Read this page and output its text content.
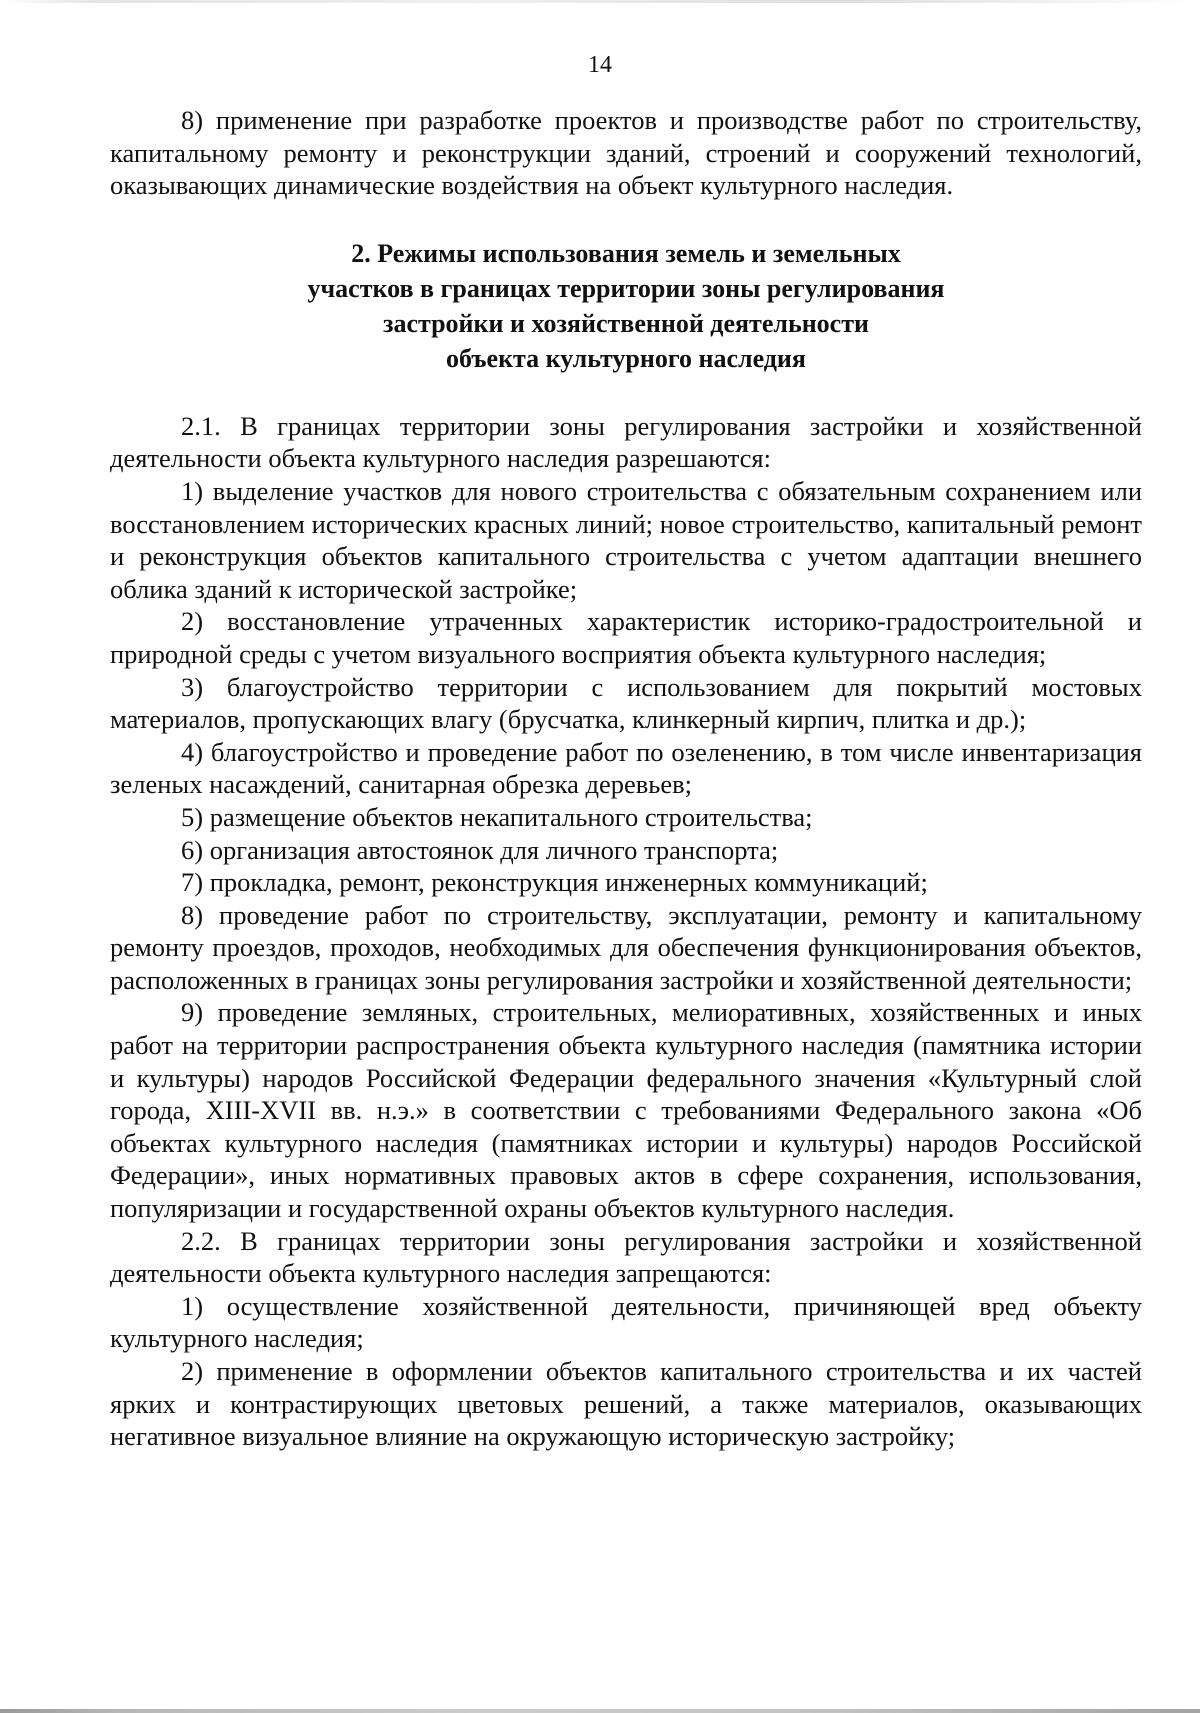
14

8) применение при разработке проектов и производстве работ по строительству, капитальному ремонту и реконструкции зданий, строений и сооружений технологий, оказывающих динамические воздействия на объект культурного наследия.

2. Режимы использования земель и земельных
участков в границах территории зоны регулирования
застройки и хозяйственной деятельности
объекта культурного наследия

2.1. В границах территории зоны регулирования застройки и хозяйственной деятельности объекта культурного наследия разрешаются:

1) выделение участков для нового строительства с обязательным сохранением или восстановлением исторических красных линий; новое строительство, капитальный ремонт и реконструкция объектов капитального строительства с учетом адаптации внешнего облика зданий к исторической застройке;

2) восстановление утраченных характеристик историко-градостроительной и природной среды с учетом визуального восприятия объекта культурного наследия;

3) благоустройство территории с использованием для покрытий мостовых материалов, пропускающих влагу (брусчатка, клинкерный кирпич, плитка и др.);

4) благоустройство и проведение работ по озеленению, в том числе инвентаризация зеленых насаждений, санитарная обрезка деревьев;

5) размещение объектов некапитального строительства;

6) организация автостоянок для личного транспорта;

7) прокладка, ремонт, реконструкция инженерных коммуникаций;

8) проведение работ по строительству, эксплуатации, ремонту и капитальному ремонту проездов, проходов, необходимых для обеспечения функционирования объектов, расположенных в границах зоны регулирования застройки и хозяйственной деятельности;

9) проведение земляных, строительных, мелиоративных, хозяйственных и иных работ на территории распространения объекта культурного наследия (памятника истории и культуры) народов Российской Федерации федерального значения «Культурный слой города, XIII-XVII вв. н.э.» в соответствии с требованиями Федерального закона «Об объектах культурного наследия (памятниках истории и культуры) народов Российской Федерации», иных нормативных правовых актов в сфере сохранения, использования, популяризации и государственной охраны объектов культурного наследия.

2.2. В границах территории зоны регулирования застройки и хозяйственной деятельности объекта культурного наследия запрещаются:

1) осуществление хозяйственной деятельности, причиняющей вред объекту культурного наследия;

2) применение в оформлении объектов капитального строительства и их частей ярких и контрастирующих цветовых решений, а также материалов, оказывающих негативное визуальное влияние на окружающую историческую застройку;
